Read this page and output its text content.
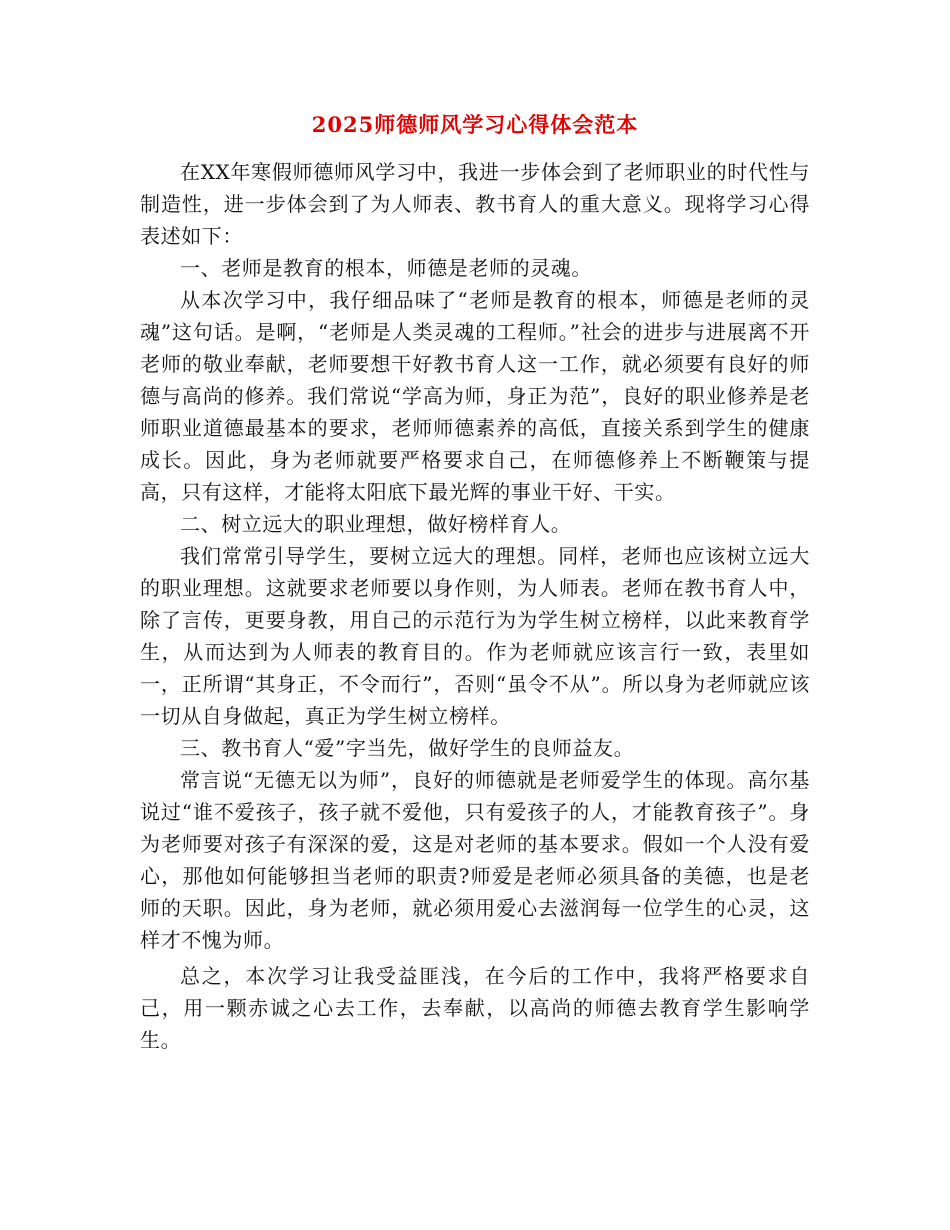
2025师德师风学习心得体会范本

在XX年寒假师德师风学习中，我进一步体会到了老师职业的时代性与制造性，进一步体会到了为人师表、教书育人的重大意义。现将学习心得表述如下：

一、老师是教育的根本，师德是老师的灵魂。

从本次学习中，我仔细品味了“老师是教育的根本，师德是老师的灵魂”这句话。是啊，“老师是人类灵魂的工程师。”社会的进步与进展离不开老师的敬业奉献，老师要想干好教书育人这一工作，就必须要有良好的师德与高尚的修养。我们常说“学高为师，身正为范”，良好的职业修养是老师职业道德最基本的要求，老师师德素养的高低，直接关系到学生的健康成长。因此，身为老师就要严格要求自己，在师德修养上不断鞭策与提高，只有这样，才能将太阳底下最光辉的事业干好、干实。

二、树立远大的职业理想，做好榜样育人。

我们常常引导学生，要树立远大的理想。同样，老师也应该树立远大的职业理想。这就要求老师要以身作则，为人师表。老师在教书育人中，除了言传，更要身教，用自己的示范行为为学生树立榜样，以此来教育学生，从而达到为人师表的教育目的。作为老师就应该言行一致，表里如一，正所谓“其身正，不令而行”，否则“虽令不从”。所以身为老师就应该一切从自身做起，真正为学生树立榜样。

三、教书育人“爱”字当先，做好学生的良师益友。

常言说“无德无以为师”，良好的师德就是老师爱学生的体现。高尔基说过“谁不爱孩子，孩子就不爱他，只有爱孩子的人，才能教育孩子”。身为老师要对孩子有深深的爱，这是对老师的基本要求。假如一个人没有爱心，那他如何能够担当老师的职责?师爱是老师必须具备的美德，也是老师的天职。因此，身为老师，就必须用爱心去滋润每一位学生的心灵，这样才不愧为师。

总之，本次学习让我受益匪浅，在今后的工作中，我将严格要求自己，用一颗赤诚之心去工作，去奉献，以高尚的师德去教育学生影响学生。
